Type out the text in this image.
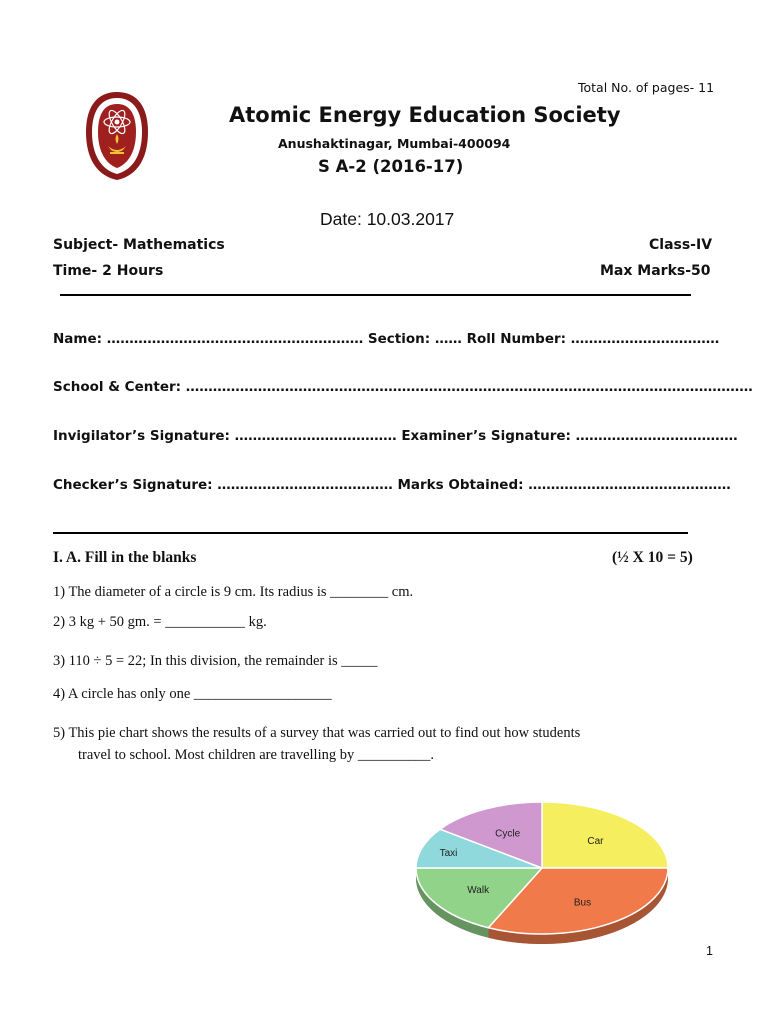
Total No. of pages- 11
Atomic Energy Education Society
Anushaktinagar, Mumbai-400094
S A-2 (2016-17)
Date: 10.03.2017
Subject- Mathematics	Class-IV
Time- 2 Hours	Max Marks-50
Name: ………………………………………………… Section: …… Roll Number: ……………………………
School & Center: ………………………………………………………………………………………………………………
Invigilator’s Signature: ……………………………… Examiner’s Signature: ………………………………
Checker’s Signature: ………………………………… Marks Obtained: ………………………………………
I. A. Fill in the blanks	(½ X 10 = 5)
1) The diameter of a circle is 9 cm. Its radius is ________ cm.
2) 3 kg + 50 gm. = ___________ kg.
3) 110 ÷ 5 = 22; In this division, the remainder is _____
4) A circle has only one ___________________
5) This pie chart shows the results of a survey that was carried out to find out how students
travel to school. Most children are travelling by __________.
Car
Bus
Walk
Taxi
Cycle
1
